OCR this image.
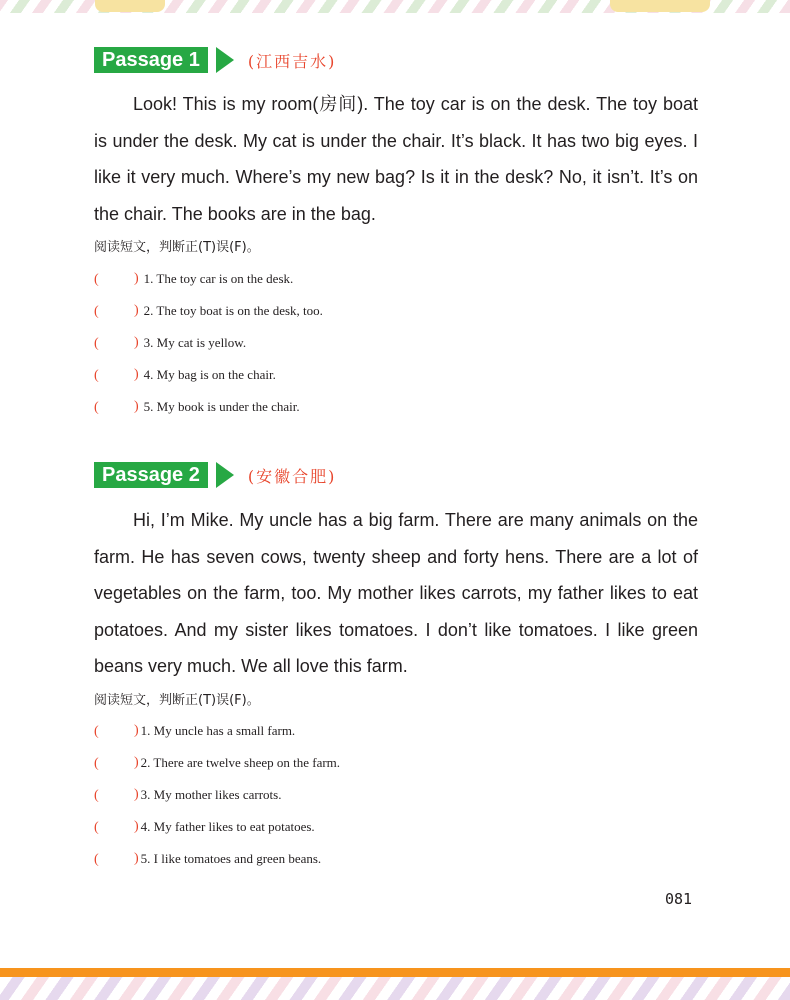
Passage 1	(江西吉水)

Look! This is my room(房间). The toy car is on the desk. The toy boat is under the desk. My cat is under the chair. It’s black. It has two big eyes. I like it very much. Where’s my new bag? Is it in the desk? No, it isn’t. It’s on the chair. The books are in the bag.

阅读短文，判断正(T)误(F)。
(	) 1. The toy car is on the desk.
(	) 2. The toy boat is on the desk, too.
(	) 3. My cat is yellow.
(	) 4. My bag is on the chair.
(	) 5. My book is under the chair.
Passage 2	(安徽合肥)

Hi, I’m Mike. My uncle has a big farm. There are many animals on the farm. He has seven cows, twenty sheep and forty hens. There are a lot of vegetables on the farm, too. My mother likes carrots, my father likes to eat potatoes. And my sister likes tomatoes. I don’t like tomatoes. I like green beans very much. We all love this farm.

阅读短文，判断正(T)误(F)。
(	) 1. My uncle has a small farm.
(	) 2. There are twelve sheep on the farm.
(	) 3. My mother likes carrots.
(	) 4. My father likes to eat potatoes.
(	) 5. I like tomatoes and green beans.
081
